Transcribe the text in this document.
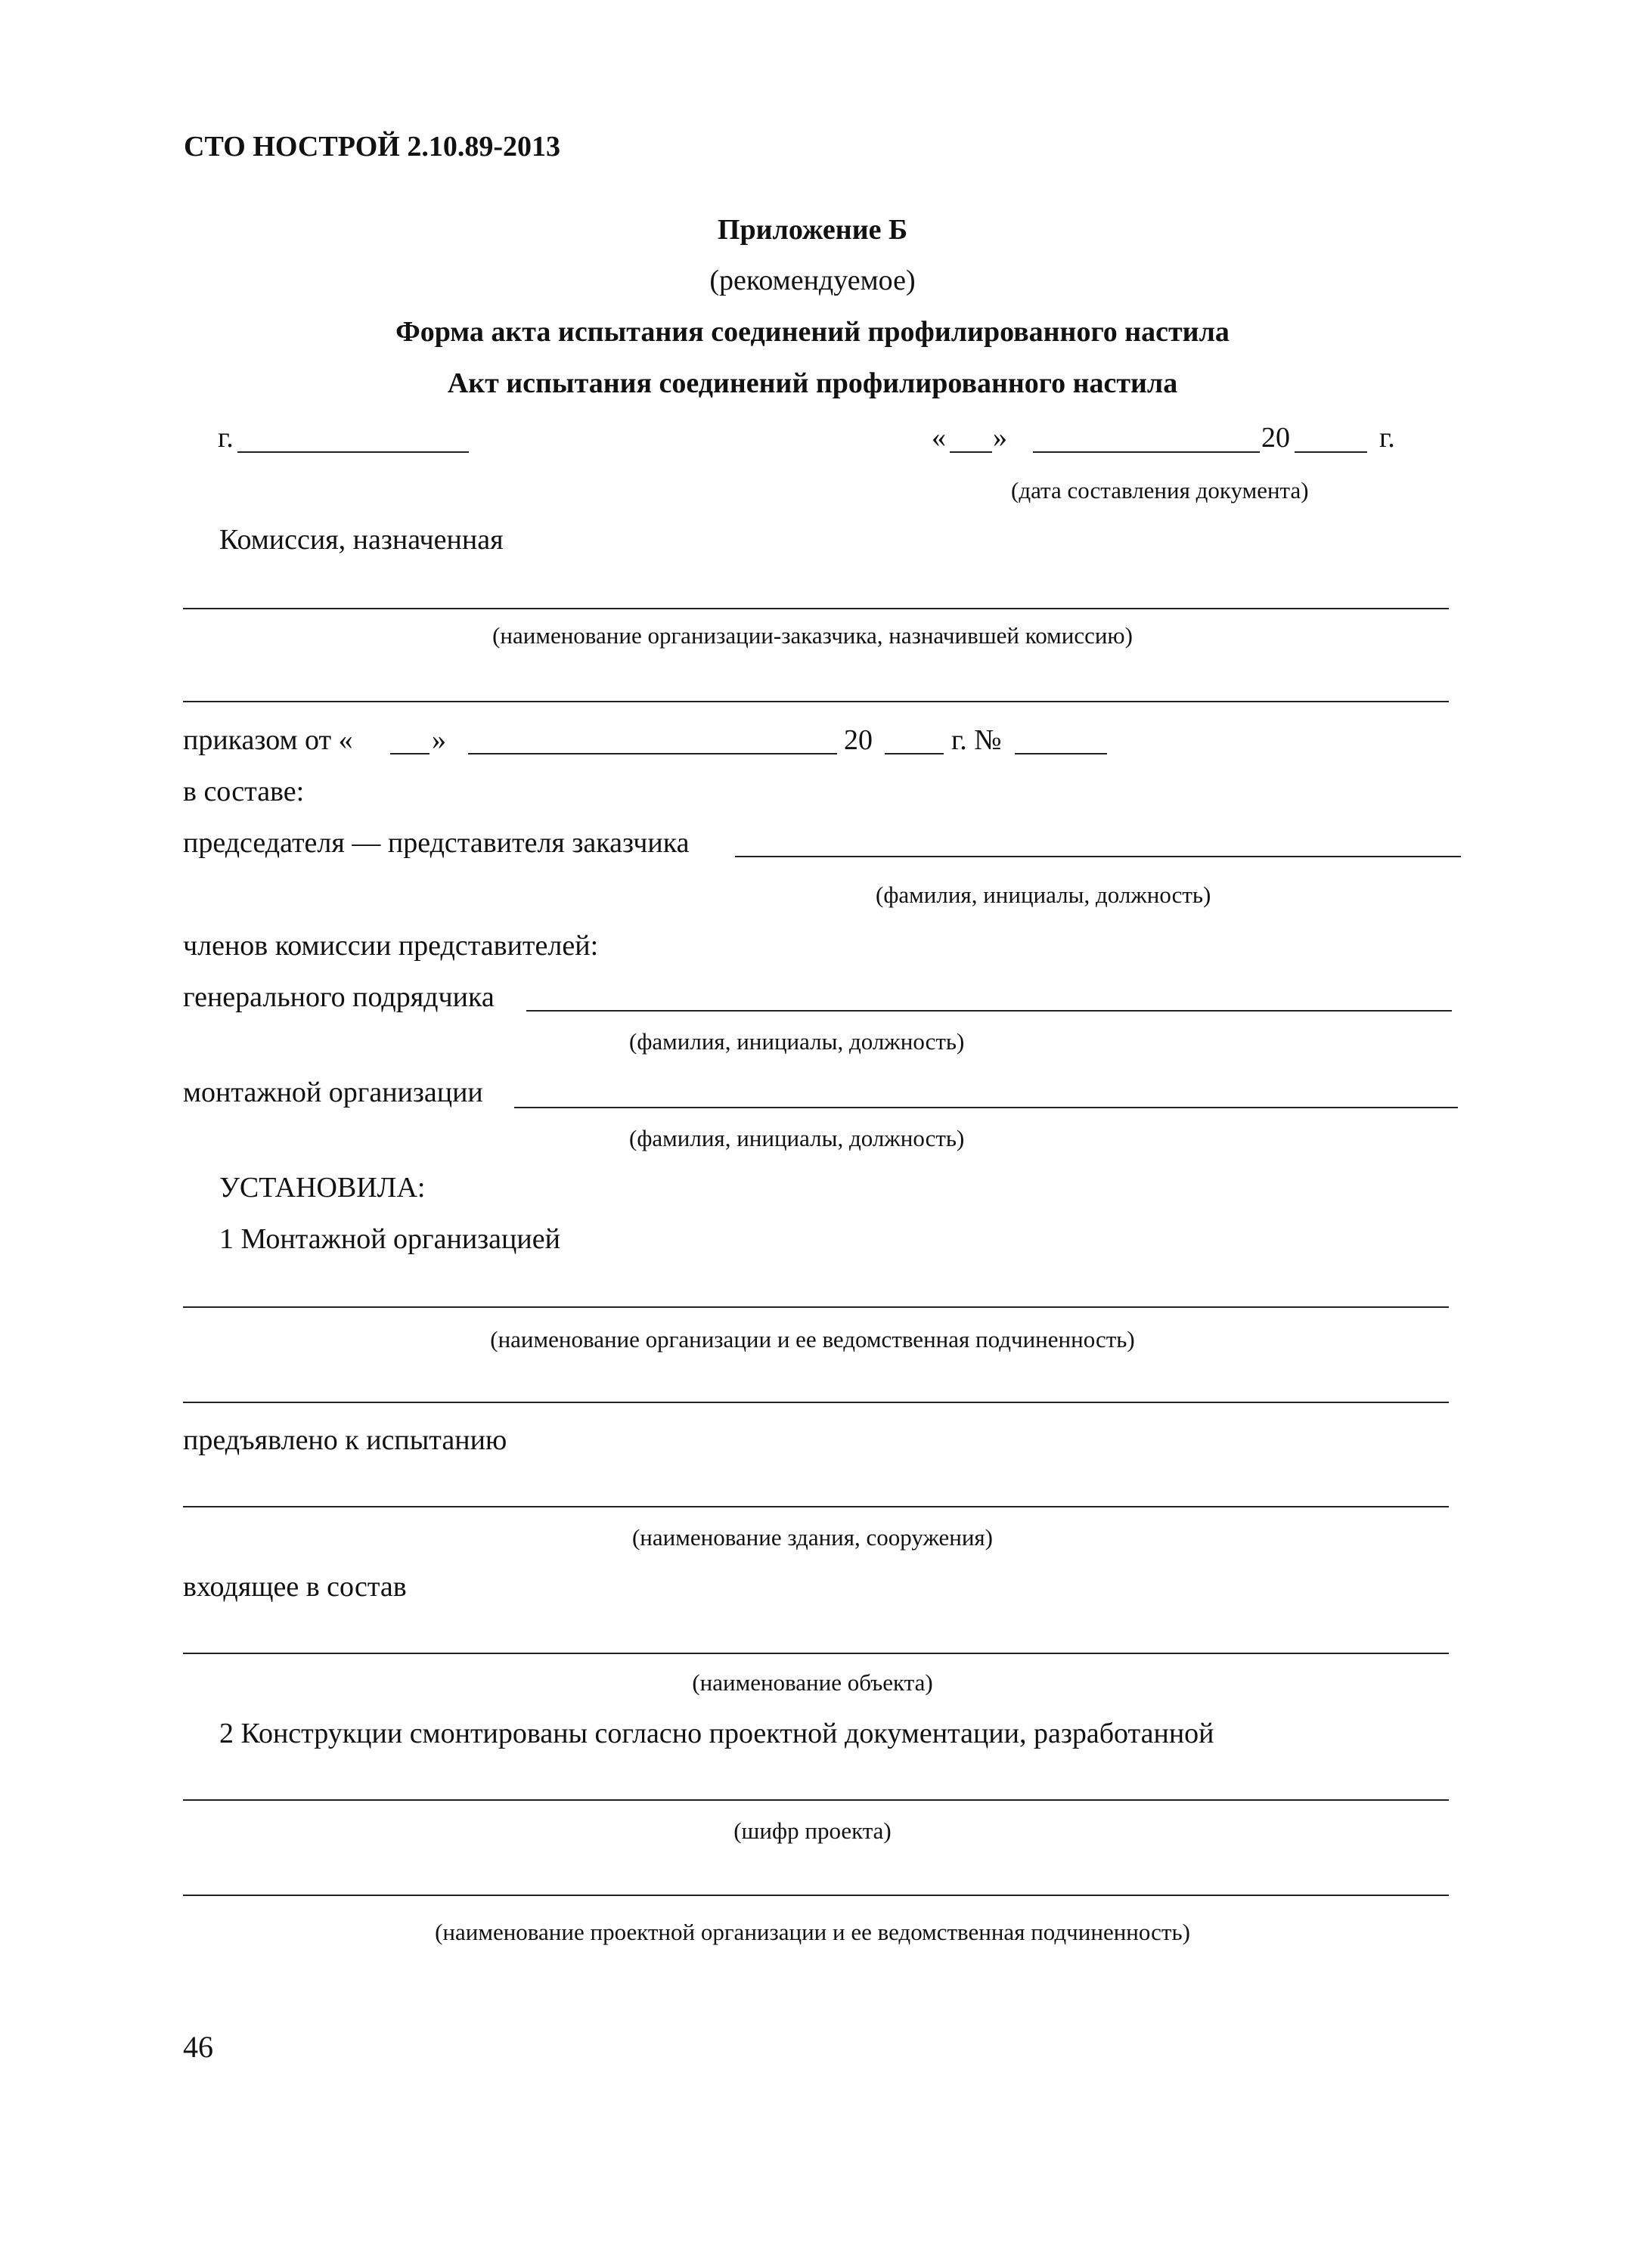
СТО НОСТРОЙ 2.10.89-2013
Приложение Б
(рекомендуемое)
Форма акта испытания соединений профилированного настила
Акт испытания соединений профилированного настила
г.	« »	20	г.
(дата составления документа)
Комиссия, назначенная
(наименование организации-заказчика, назначившей комиссию)
приказом от «	»	20	г. №
в составе:
председателя — представителя заказчика
(фамилия, инициалы, должность)
членов комиссии представителей:
генерального подрядчика
(фамилия, инициалы, должность)
монтажной организации
(фамилия, инициалы, должность)
УСТАНОВИЛА:
1 Монтажной организацией
(наименование организации и ее ведомственная подчиненность)
предъявлено к испытанию
(наименование здания, сооружения)
входящее в состав
(наименование объекта)
2 Конструкции смонтированы согласно проектной документации, разработанной
(шифр проекта)
(наименование проектной организации и ее ведомственная подчиненность)
46
